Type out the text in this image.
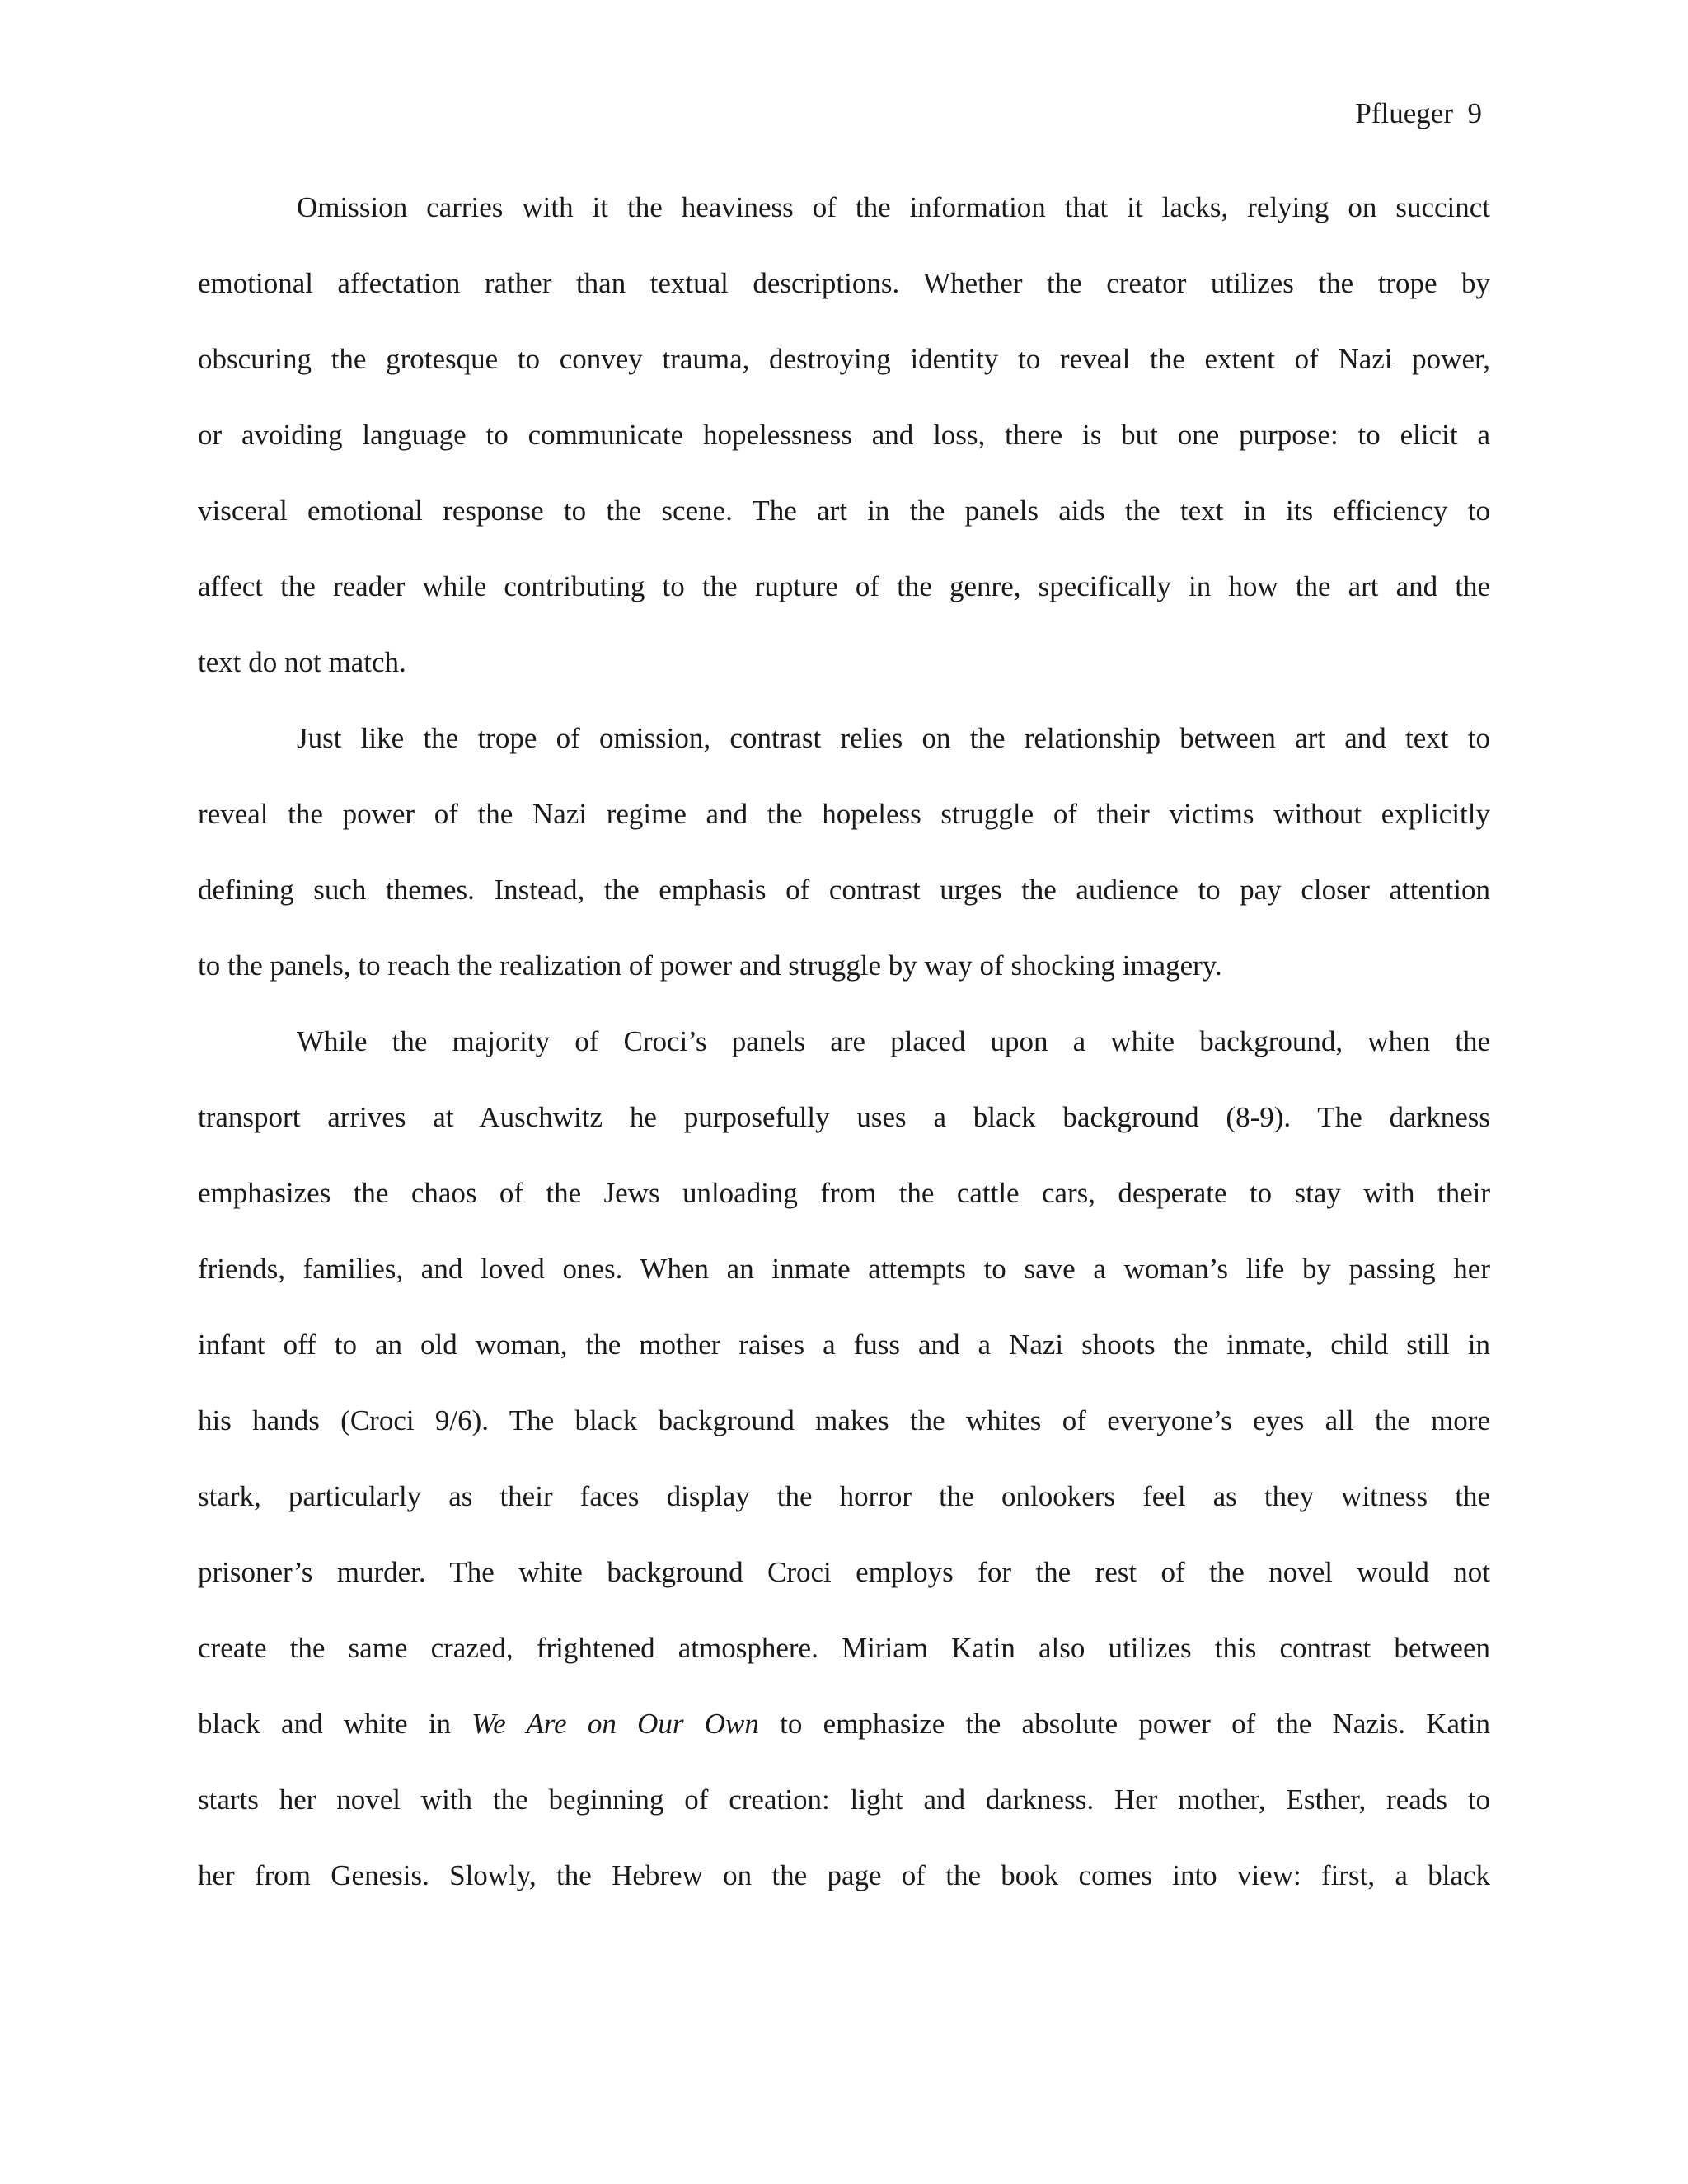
Pflueger  9
Omission carries with it the heaviness of the information that it lacks, relying on succinct
emotional affectation rather than textual descriptions. Whether the creator utilizes the trope by
obscuring the grotesque to convey trauma, destroying identity to reveal the extent of Nazi power,
or avoiding language to communicate hopelessness and loss, there is but one purpose: to elicit a
visceral emotional response to the scene. The art in the panels aids the text in its efficiency to
affect the reader while contributing to the rupture of the genre, specifically in how the art and the
text do not match.
Just like the trope of omission, contrast relies on the relationship between art and text to
reveal the power of the Nazi regime and the hopeless struggle of their victims without explicitly
defining such themes. Instead, the emphasis of contrast urges the audience to pay closer attention
to the panels, to reach the realization of power and struggle by way of shocking imagery.
While the majority of Croci’s panels are placed upon a white background, when the
transport arrives at Auschwitz he purposefully uses a black background (8-9). The darkness
emphasizes the chaos of the Jews unloading from the cattle cars, desperate to stay with their
friends, families, and loved ones. When an inmate attempts to save a woman’s life by passing her
infant off to an old woman, the mother raises a fuss and a Nazi shoots the inmate, child still in
his hands (Croci 9/6). The black background makes the whites of everyone’s eyes all the more
stark, particularly as their faces display the horror the onlookers feel as they witness the
prisoner’s murder. The white background Croci employs for the rest of the novel would not
create the same crazed, frightened atmosphere. Miriam Katin also utilizes this contrast between
black and white in We Are on Our Own to emphasize the absolute power of the Nazis. Katin
starts her novel with the beginning of creation: light and darkness. Her mother, Esther, reads to
her from Genesis. Slowly, the Hebrew on the page of the book comes into view: first, a black
